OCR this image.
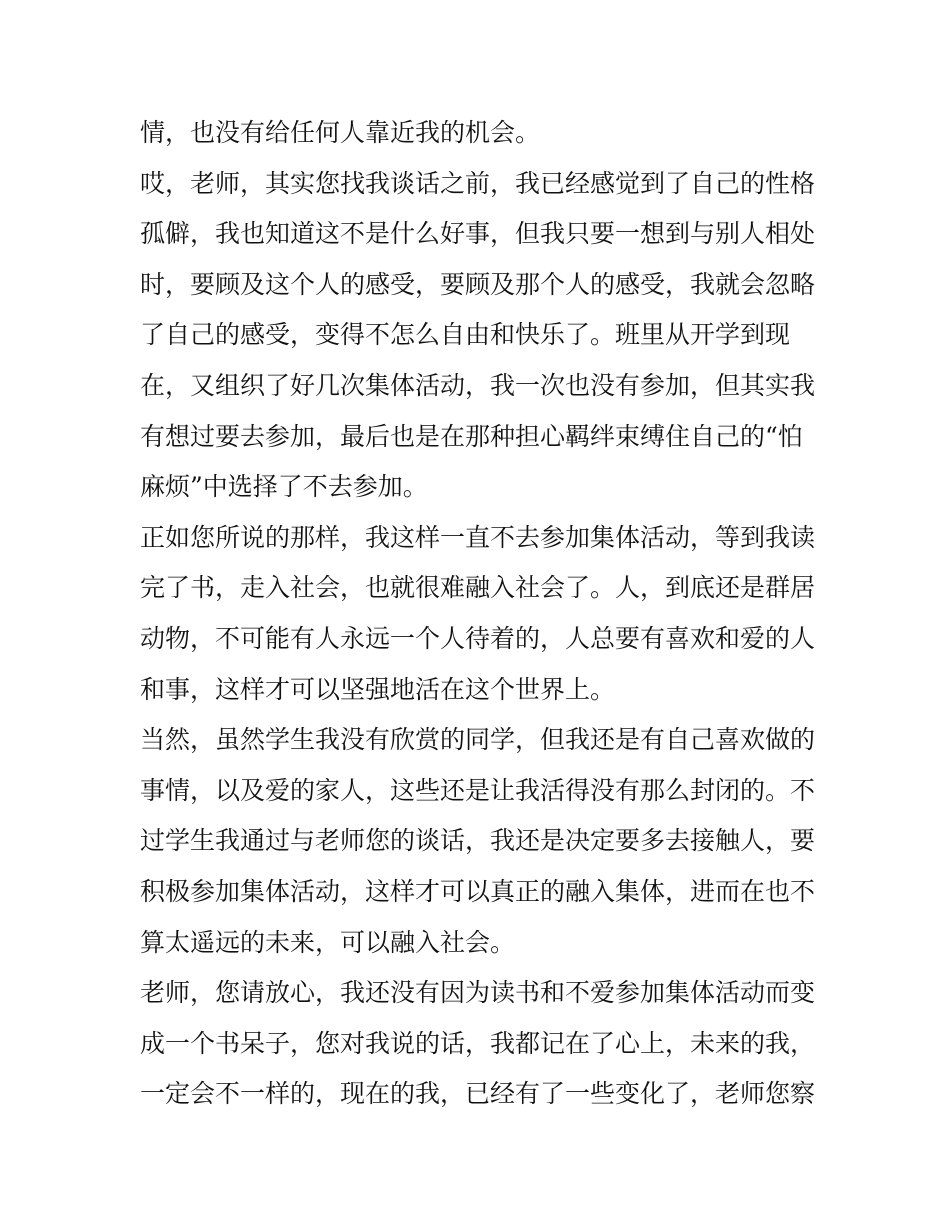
情，也没有给任何人靠近我的机会。
哎，老师，其实您找我谈话之前，我已经感觉到了自己的性格
孤僻，我也知道这不是什么好事，但我只要一想到与别人相处
时，要顾及这个人的感受，要顾及那个人的感受，我就会忽略
了自己的感受，变得不怎么自由和快乐了。班里从开学到现
在，又组织了好几次集体活动，我一次也没有参加，但其实我
有想过要去参加，最后也是在那种担心羁绊束缚住自己的“怕
麻烦”中选择了不去参加。
正如您所说的那样，我这样一直不去参加集体活动，等到我读
完了书，走入社会，也就很难融入社会了。人，到底还是群居
动物，不可能有人永远一个人待着的，人总要有喜欢和爱的人
和事，这样才可以坚强地活在这个世界上。
当然，虽然学生我没有欣赏的同学，但我还是有自己喜欢做的
事情，以及爱的家人，这些还是让我活得没有那么封闭的。不
过学生我通过与老师您的谈话，我还是决定要多去接触人，要
积极参加集体活动，这样才可以真正的融入集体，进而在也不
算太遥远的未来，可以融入社会。
老师，您请放心，我还没有因为读书和不爱参加集体活动而变
成一个书呆子，您对我说的话，我都记在了心上，未来的我，
一定会不一样的，现在的我，已经有了一些变化了，老师您察
